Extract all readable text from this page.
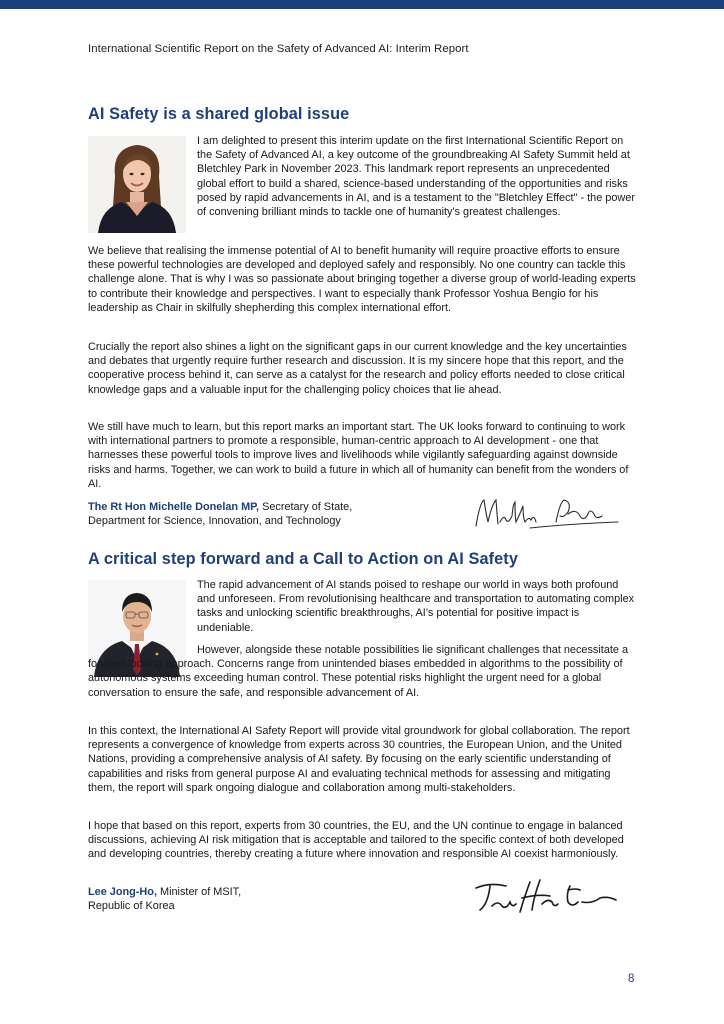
International Scientific Report on the Safety of Advanced AI: Interim Report
AI Safety is a shared global issue

I am delighted to present this interim update on the first International Scientific Report on the Safety of Advanced AI, a key outcome of the groundbreaking AI Safety Summit held at Bletchley Park in November 2023. This landmark report represents an unprecedented global effort to build a shared, science-based understanding of the opportunities and risks posed by rapid advancements in AI, and is a testament to the "Bletchley Effect" - the power of convening brilliant minds to tackle one of humanity's greatest challenges.

We believe that realising the immense potential of AI to benefit humanity will require proactive efforts to ensure these powerful technologies are developed and deployed safely and responsibly. No one country can tackle this challenge alone. That is why I was so passionate about bringing together a diverse group of world-leading experts to contribute their knowledge and perspectives. I want to especially thank Professor Yoshua Bengio for his leadership as Chair in skilfully shepherding this complex international effort.

Crucially the report also shines a light on the significant gaps in our current knowledge and the key uncertainties and debates that urgently require further research and discussion. It is my sincere hope that this report, and the cooperative process behind it, can serve as a catalyst for the research and policy efforts needed to close critical knowledge gaps and a valuable input for the challenging policy choices that lie ahead.

We still have much to learn, but this report marks an important start. The UK looks forward to continuing to work with international partners to promote a responsible, human-centric approach to AI development - one that harnesses these powerful tools to improve lives and livelihoods while vigilantly safeguarding against downside risks and harms. Together, we can work to build a future in which all of humanity can benefit from the wonders of AI.

The Rt Hon Michelle Donelan MP, Secretary of State,
Department for Science, Innovation, and Technology
A critical step forward and a Call to Action on AI Safety

The rapid advancement of AI stands poised to reshape our world in ways both profound and unforeseen. From revolutionising healthcare and transportation to automating complex tasks and unlocking scientific breakthroughs, AI's potential for positive impact is undeniable.

However, alongside these notable possibilities lie significant challenges that necessitate a forward-looking approach. Concerns range from unintended biases embedded in algorithms to the possibility of autonomous systems exceeding human control. These potential risks highlight the urgent need for a global conversation to ensure the safe, and responsible advancement of AI.

In this context, the International AI Safety Report will provide vital groundwork for global collaboration. The report represents a convergence of knowledge from experts across 30 countries, the European Union, and the United Nations, providing a comprehensive analysis of AI safety. By focusing on the early scientific understanding of capabilities and risks from general purpose AI and evaluating technical methods for assessing and mitigating them, the report will spark ongoing dialogue and collaboration among multi-stakeholders.

I hope that based on this report, experts from 30 countries, the EU, and the UN continue to engage in balanced discussions, achieving AI risk mitigation that is acceptable and tailored to the specific context of both developed and developing countries, thereby creating a future where innovation and responsible AI coexist harmoniously.

Lee Jong-Ho, Minister of MSIT,
Republic of Korea
8
